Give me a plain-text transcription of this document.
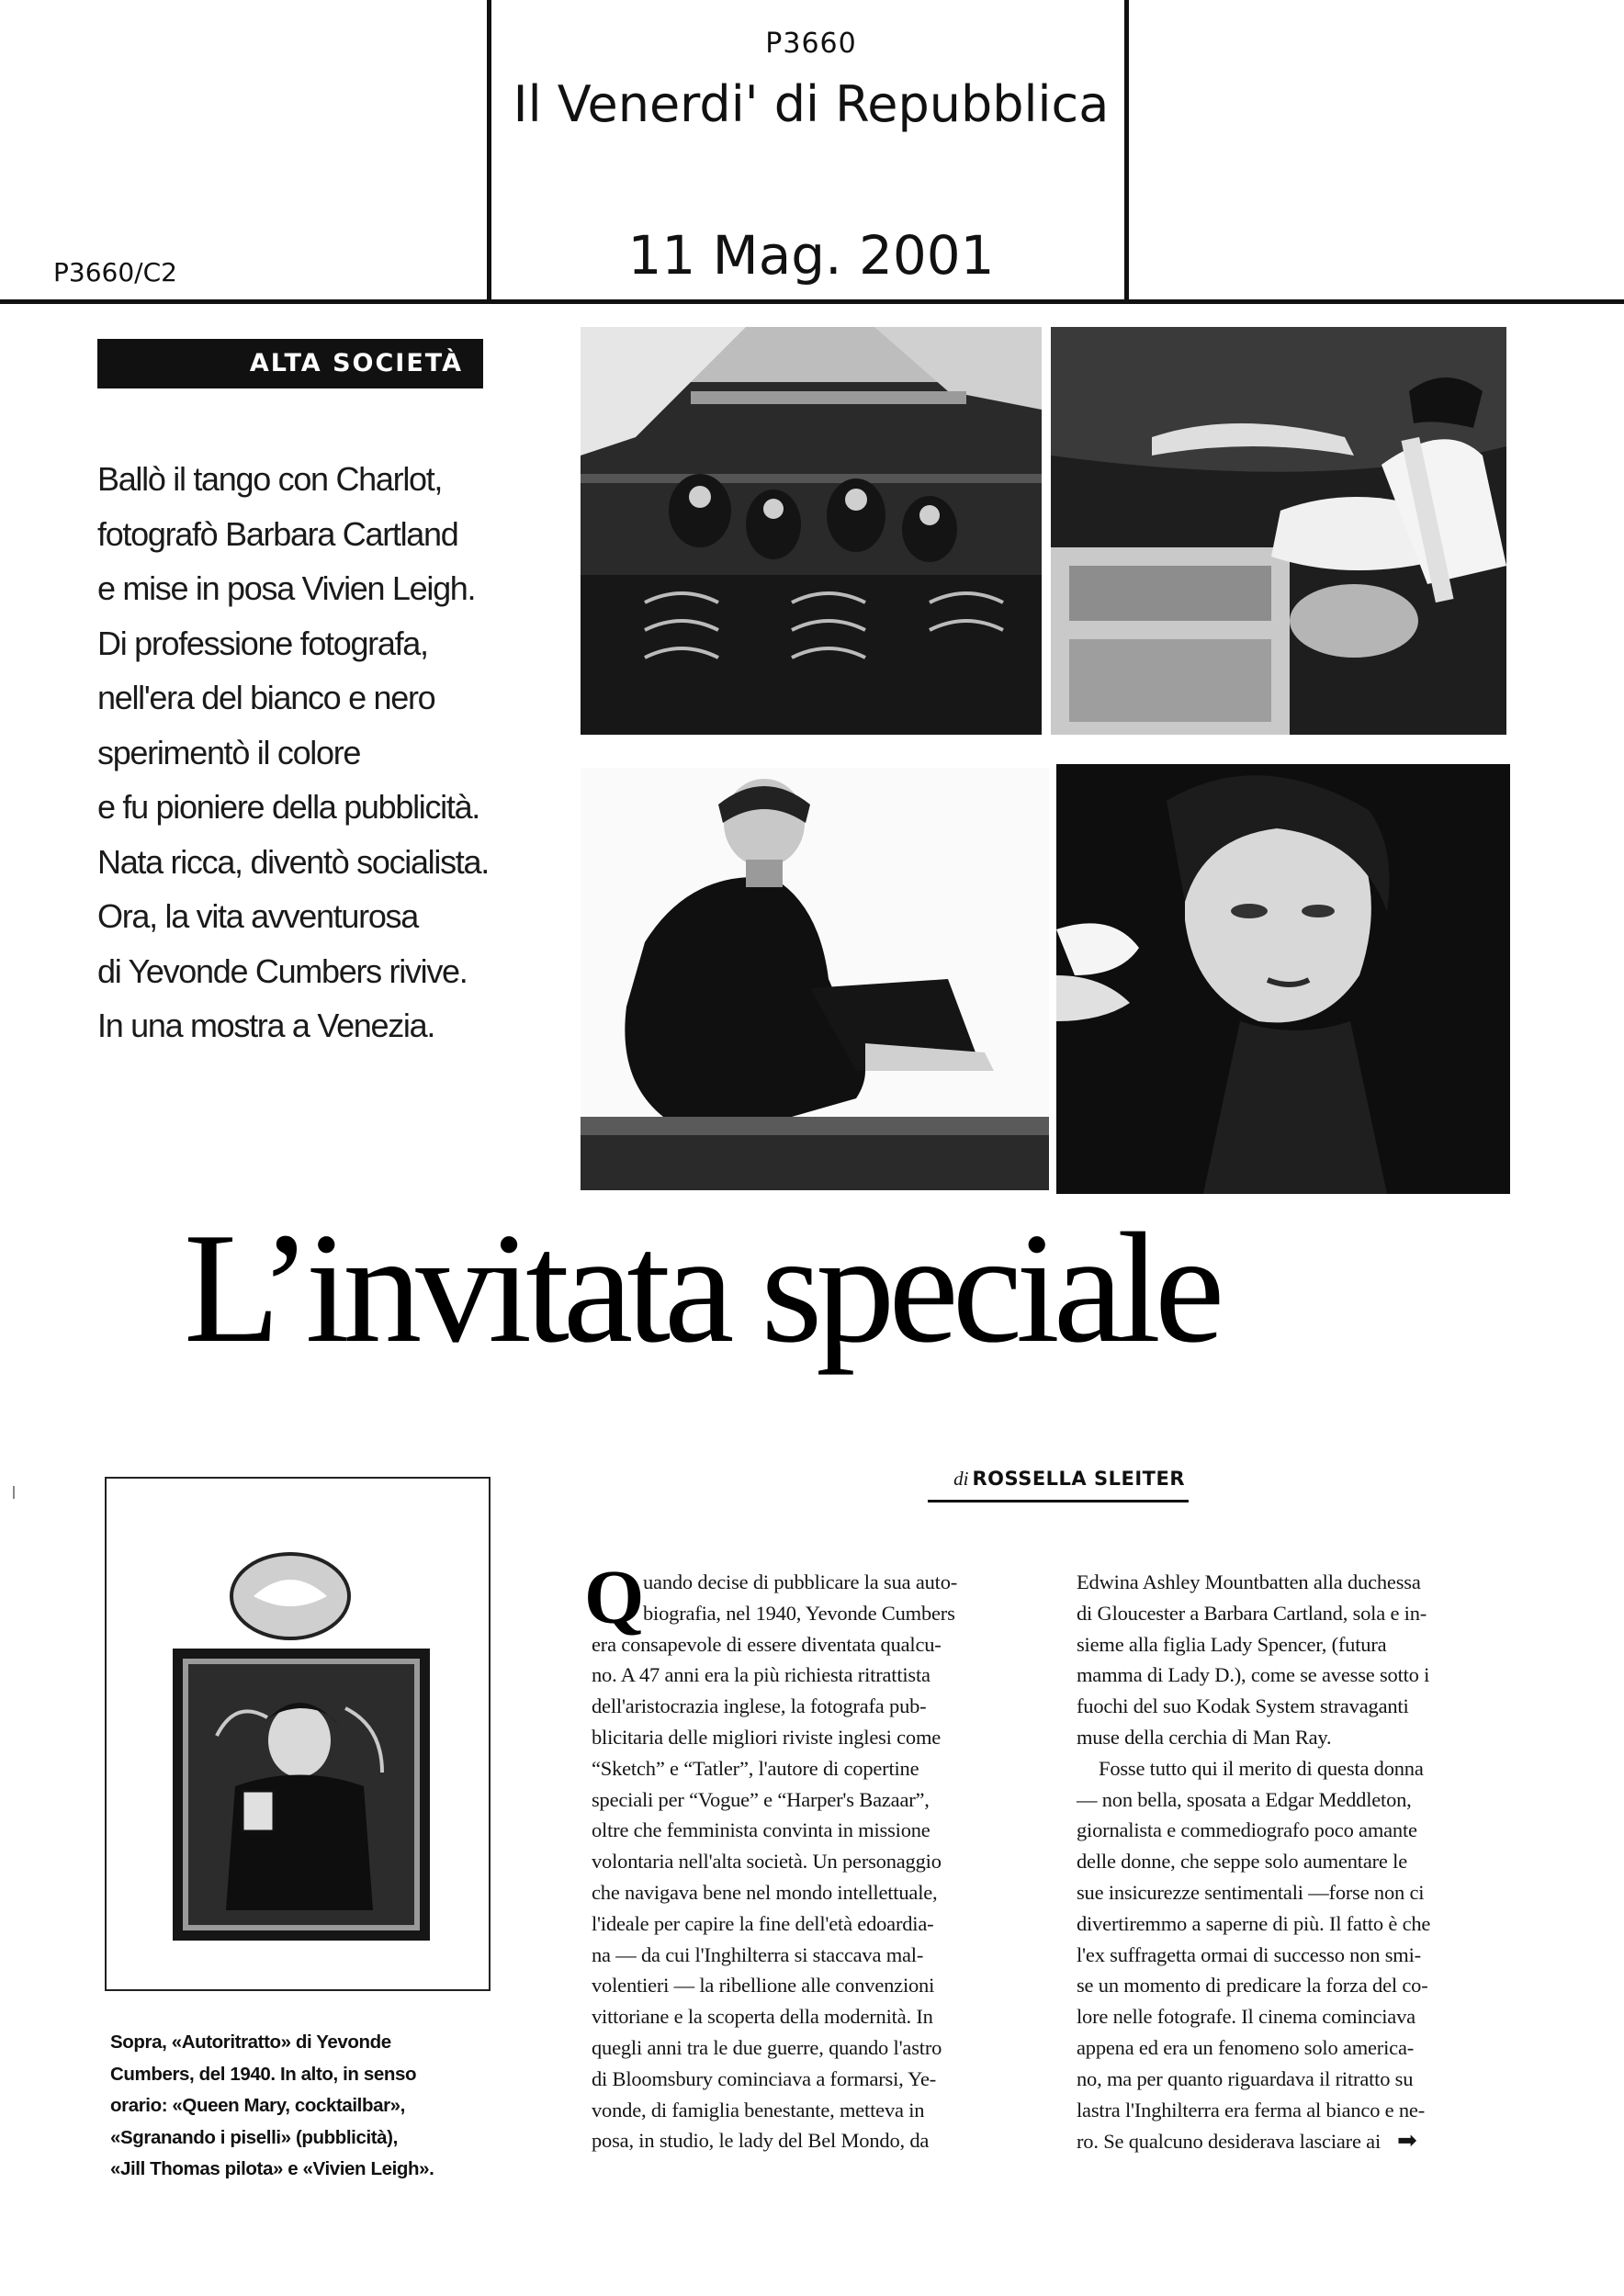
P3660
Il Venerdi' di Repubblica
11 Mag. 2001
P3660/C2
ALTA SOCIETÀ
Ballò il tango con Charlot,
fotografò Barbara Cartland
e mise in posa Vivien Leigh.
Di professione fotografa,
nell'era del bianco e nero
sperimentò il colore
e fu pioniere della pubblicità.
Nata ricca, diventò socialista.
Ora, la vita avventurosa
di Yevonde Cumbers rivive.
In una mostra a Venezia.
L’invitata speciale
di ROSSELLA SLEITER
Sopra, «Autoritratto» di Yevonde
Cumbers, del 1940. In alto, in senso
orario: «Queen Mary, cocktailbar»,
«Sgranando i piselli» (pubblicità),
«Jill Thomas pilota» e «Vivien Leigh».
Q
uando decise di pubblicare la sua auto-
biografia, nel 1940, Yevonde Cumbers
era consapevole di essere diventata qualcu-
no. A 47 anni era la più richiesta ritrattista
dell'aristocrazia inglese, la fotografa pub-
blicitaria delle migliori riviste inglesi come
“Sketch” e “Tatler”, l'autore di copertine
speciali per “Vogue” e “Harper's Bazaar”,
oltre che femminista convinta in missione
volontaria nell'alta società. Un personaggio
che navigava bene nel mondo intellettuale,
l'ideale per capire la fine dell'età edoardia-
na — da cui l'Inghilterra si staccava mal-
volentieri — la ribellione alle convenzioni
vittoriane e la scoperta della modernità. In
quegli anni tra le due guerre, quando l'astro
di Bloomsbury cominciava a formarsi, Ye-
vonde, di famiglia benestante, metteva in
posa, in studio, le lady del Bel Mondo, da
Edwina Ashley Mountbatten alla duchessa
di Gloucester a Barbara Cartland, sola e in-
sieme alla figlia Lady Spencer, (futura
mamma di Lady D.), come se avesse sotto i
fuochi del suo Kodak System stravaganti
muse della cerchia di Man Ray.
Fosse tutto qui il merito di questa donna
— non bella, sposata a Edgar Meddleton,
giornalista e commediografo poco amante
delle donne, che seppe solo aumentare le
sue insicurezze sentimentali —forse non ci
divertiremmo a saperne di più. Il fatto è che
l'ex suffragetta ormai di successo non smi-
se un momento di predicare la forza del co-
lore nelle fotografe. Il cinema cominciava
appena ed era un fenomeno solo america-
no, ma per quanto riguardava il ritratto su
lastra l'Inghilterra era ferma al bianco e ne-
ro. Se qualcuno desiderava lasciare ai ➡
